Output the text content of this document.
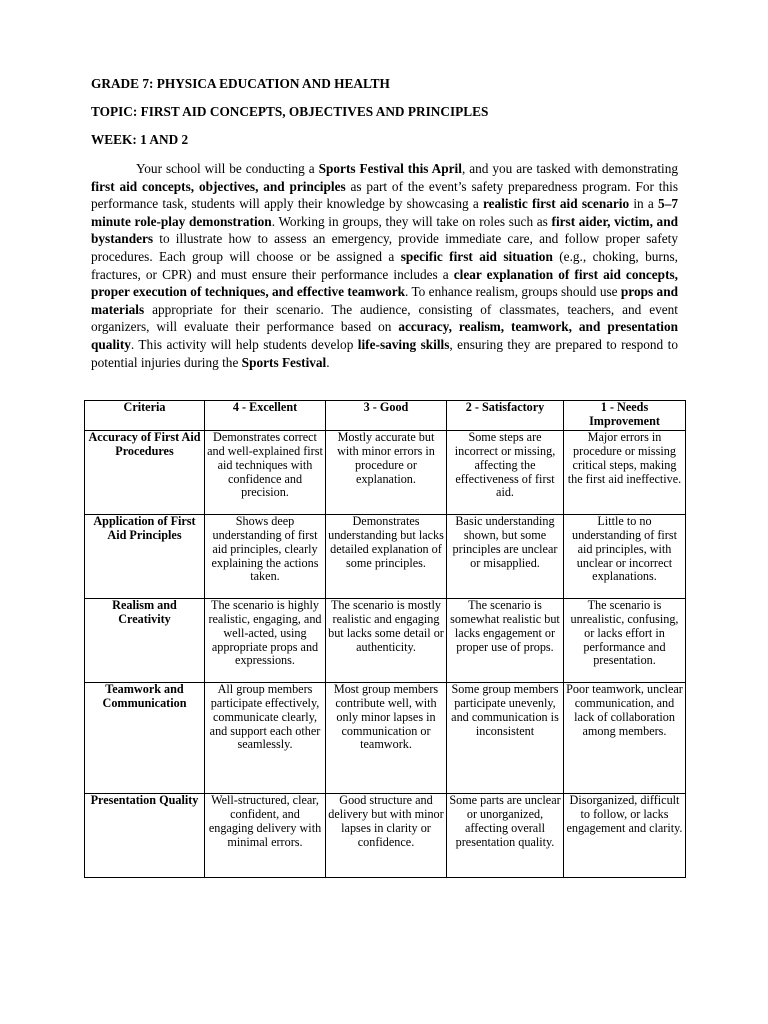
GRADE 7: PHYSICA EDUCATION AND HEALTH
TOPIC: FIRST AID CONCEPTS, OBJECTIVES AND PRINCIPLES
WEEK: 1 AND 2

Your school will be conducting a Sports Festival this April, and you are tasked with demonstrating first aid concepts, objectives, and principles as part of the event’s safety preparedness program. For this performance task, students will apply their knowledge by showcasing a realistic first aid scenario in a 5–7 minute role-play demonstration. Working in groups, they will take on roles such as first aider, victim, and bystanders to illustrate how to assess an emergency, provide immediate care, and follow proper safety procedures. Each group will choose or be assigned a specific first aid situation (e.g., choking, burns, fractures, or CPR) and must ensure their performance includes a clear explanation of first aid concepts, proper execution of techniques, and effective teamwork. To enhance realism, groups should use props and materials appropriate for their scenario. The audience, consisting of classmates, teachers, and event organizers, will evaluate their performance based on accuracy, realism, teamwork, and presentation quality. This activity will help students develop life-saving skills, ensuring they are prepared to respond to potential injuries during the Sports Festival.

Criteria	4 - Excellent	3 - Good	2 - Satisfactory	1 - Needs Improvement
Accuracy of First Aid Procedures	Demonstrates correct and well-explained first aid techniques with confidence and precision.	Mostly accurate but with minor errors in procedure or explanation.	Some steps are incorrect or missing, affecting the effectiveness of first aid.	Major errors in procedure or missing critical steps, making the first aid ineffective.
Application of First Aid Principles	Shows deep understanding of first aid principles, clearly explaining the actions taken.	Demonstrates understanding but lacks detailed explanation of some principles.	Basic understanding shown, but some principles are unclear or misapplied.	Little to no understanding of first aid principles, with unclear or incorrect explanations.
Realism and Creativity	The scenario is highly realistic, engaging, and well-acted, using appropriate props and expressions.	The scenario is mostly realistic and engaging but lacks some detail or authenticity.	The scenario is somewhat realistic but lacks engagement or proper use of props.	The scenario is unrealistic, confusing, or lacks effort in performance and presentation.
Teamwork and Communication	All group members participate effectively, communicate clearly, and support each other seamlessly.	Most group members contribute well, with only minor lapses in communication or teamwork.	Some group members participate unevenly, and communication is inconsistent	Poor teamwork, unclear communication, and lack of collaboration among members.
Presentation Quality	Well-structured, clear, confident, and engaging delivery with minimal errors.	Good structure and delivery but with minor lapses in clarity or confidence.	Some parts are unclear or unorganized, affecting overall presentation quality.	Disorganized, difficult to follow, or lacks engagement and clarity.
